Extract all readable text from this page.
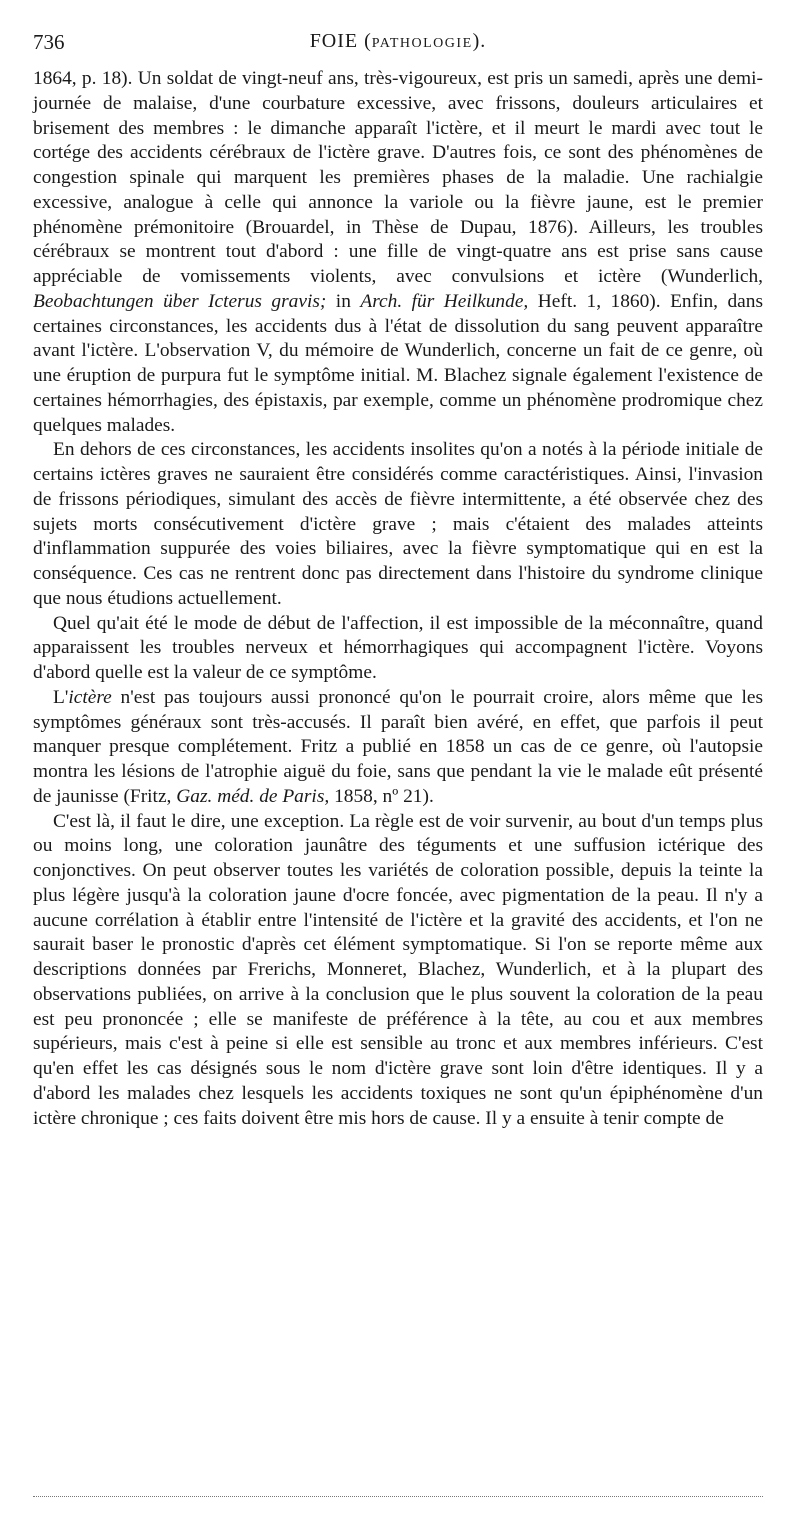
736	FOIE (PATHOLOGIE).

1864, p. 18). Un soldat de vingt-neuf ans, très-vigoureux, est pris un samedi, après une demi-journée de malaise, d'une courbature excessive, avec frissons, douleurs articulaires et brisement des membres : le dimanche apparaît l'ictère, et il meurt le mardi avec tout le cortége des accidents cérébraux de l'ictère grave. D'autres fois, ce sont des phénomènes de congestion spinale qui marquent les premières phases de la maladie. Une rachialgie excessive, analogue à celle qui annonce la variole ou la fièvre jaune, est le premier phénomène prémonitoire (Brouardel, in Thèse de Dupau, 1876). Ailleurs, les troubles cérébraux se montrent tout d'abord : une fille de vingt-quatre ans est prise sans cause appréciable de vomissements violents, avec convulsions et ictère (Wunderlich, Beobachtungen über Icterus gravis; in Arch. für Heilkunde, Heft. 1, 1860). Enfin, dans certaines circonstances, les accidents dus à l'état de dissolution du sang peuvent apparaître avant l'ictère. L'observation V, du mémoire de Wunderlich, concerne un fait de ce genre, où une éruption de purpura fut le symptôme initial. M. Blachez signale également l'existence de certaines hémorrhagies, des épistaxis, par exemple, comme un phénomène prodromique chez quelques malades.

En dehors de ces circonstances, les accidents insolites qu'on a notés à la période initiale de certains ictères graves ne sauraient être considérés comme caractéristiques. Ainsi, l'invasion de frissons périodiques, simulant des accès de fièvre intermittente, a été observée chez des sujets morts consécutivement d'ictère grave ; mais c'étaient des malades atteints d'inflammation suppurée des voies biliaires, avec la fièvre symptomatique qui en est la conséquence. Ces cas ne rentrent donc pas directement dans l'histoire du syndrome clinique que nous étudions actuellement.

Quel qu'ait été le mode de début de l'affection, il est impossible de la méconnaître, quand apparaissent les troubles nerveux et hémorrhagiques qui accompagnent l'ictère. Voyons d'abord quelle est la valeur de ce symptôme.

L'ictère n'est pas toujours aussi prononcé qu'on le pourrait croire, alors même que les symptômes généraux sont très-accusés. Il paraît bien avéré, en effet, que parfois il peut manquer presque complétement. Fritz a publié en 1858 un cas de ce genre, où l'autopsie montra les lésions de l'atrophie aiguë du foie, sans que pendant la vie le malade eût présenté de jaunisse (Fritz, Gaz. méd. de Paris, 1858, nº 21).

C'est là, il faut le dire, une exception. La règle est de voir survenir, au bout d'un temps plus ou moins long, une coloration jaunâtre des téguments et une suffusion ictérique des conjonctives. On peut observer toutes les variétés de coloration possible, depuis la teinte la plus légère jusqu'à la coloration jaune d'ocre foncée, avec pigmentation de la peau. Il n'y a aucune corrélation à établir entre l'intensité de l'ictère et la gravité des accidents, et l'on ne saurait baser le pronostic d'après cet élément symptomatique. Si l'on se reporte même aux descriptions données par Frerichs, Monneret, Blachez, Wunderlich, et à la plupart des observations publiées, on arrive à la conclusion que le plus souvent la coloration de la peau est peu prononcée ; elle se manifeste de préférence à la tête, au cou et aux membres supérieurs, mais c'est à peine si elle est sensible au tronc et aux membres inférieurs. C'est qu'en effet les cas désignés sous le nom d'ictère grave sont loin d'être identiques. Il y a d'abord les malades chez lesquels les accidents toxiques ne sont qu'un épiphénomène d'un ictère chronique ; ces faits doivent être mis hors de cause. Il y a ensuite à tenir compte de
